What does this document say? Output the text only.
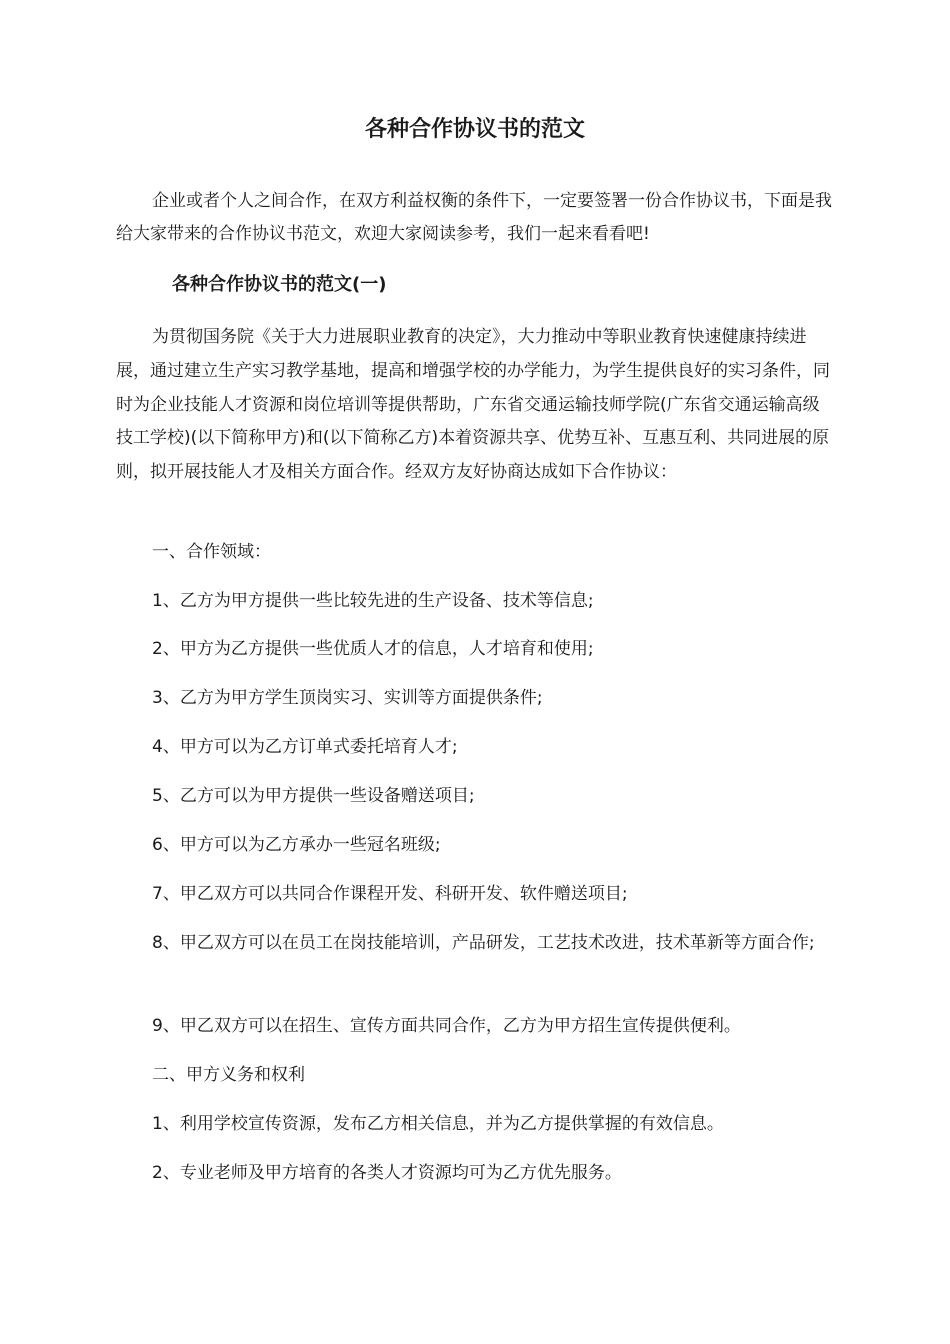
各种合作协议书的范文

企业或者个人之间合作，在双方利益权衡的条件下，一定要签署一份合作协议书，下面是我给大家带来的合作协议书范文，欢迎大家阅读参考，我们一起来看看吧!

各种合作协议书的范文(一)

为贯彻国务院《关于大力进展职业教育的决定》，大力推动中等职业教育快速健康持续进展，通过建立生产实习教学基地，提高和增强学校的办学能力，为学生提供良好的实习条件，同时为企业技能人才资源和岗位培训等提供帮助，广东省交通运输技师学院(广东省交通运输高级技工学校)(以下简称甲方)和(以下简称乙方)本着资源共享、优势互补、互惠互利、共同进展的原则，拟开展技能人才及相关方面合作。经双方友好协商达成如下合作协议：

一、合作领域：

1、乙方为甲方提供一些比较先进的生产设备、技术等信息;

2、甲方为乙方提供一些优质人才的信息，人才培育和使用;

3、乙方为甲方学生顶岗实习、实训等方面提供条件;

4、甲方可以为乙方订单式委托培育人才;

5、乙方可以为甲方提供一些设备赠送项目;

6、甲方可以为乙方承办一些冠名班级;

7、甲乙双方可以共同合作课程开发、科研开发、软件赠送项目;

8、甲乙双方可以在员工在岗技能培训，产品研发，工艺技术改进，技术革新等方面合作;

9、甲乙双方可以在招生、宣传方面共同合作，乙方为甲方招生宣传提供便利。

二、甲方义务和权利

1、利用学校宣传资源，发布乙方相关信息，并为乙方提供掌握的有效信息。

2、专业老师及甲方培育的各类人才资源均可为乙方优先服务。
